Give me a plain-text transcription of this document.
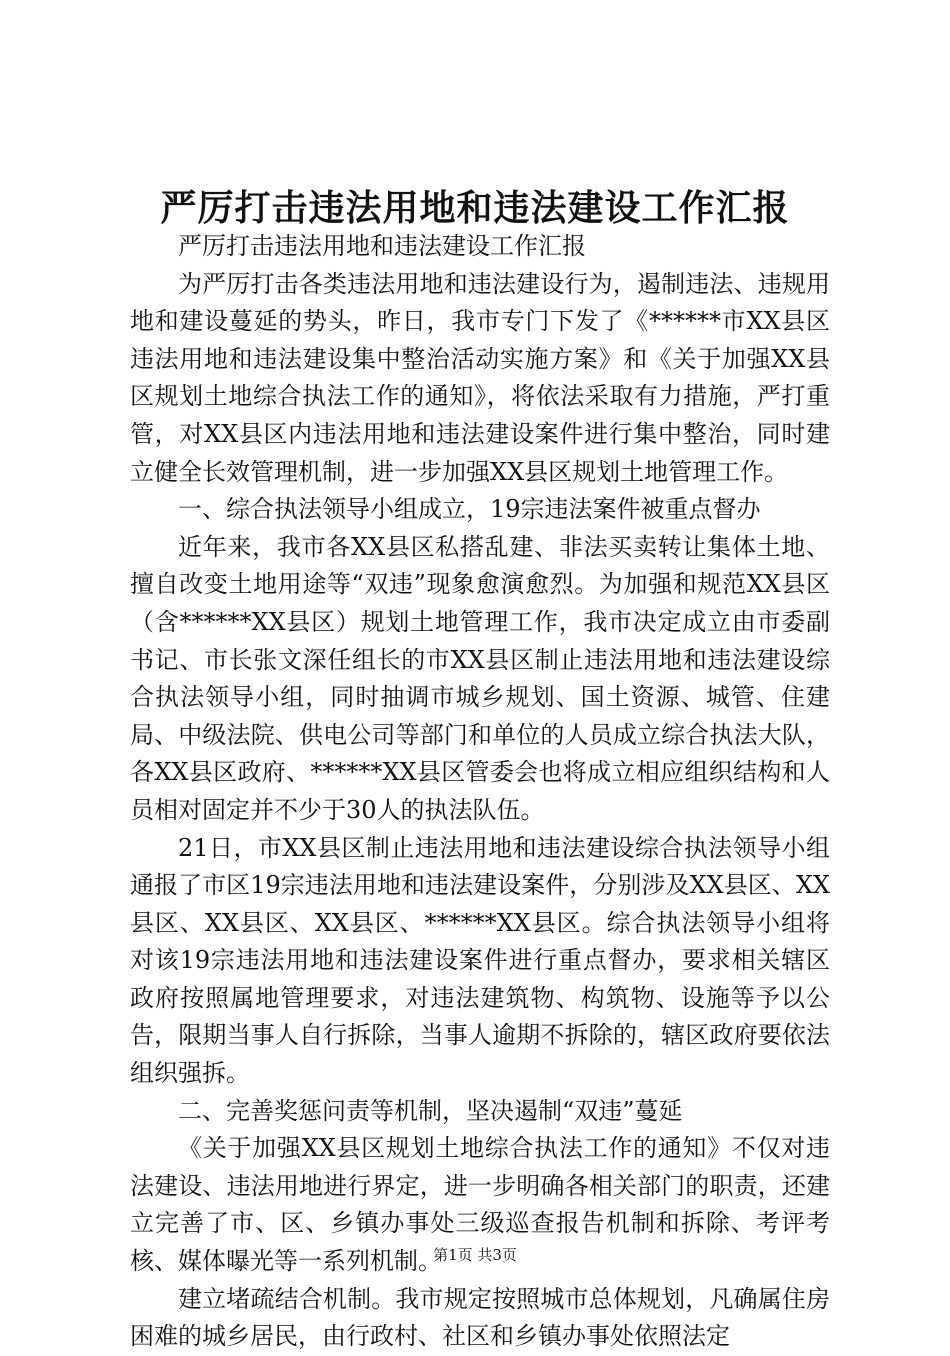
严厉打击违法用地和违法建设工作汇报

严厉打击违法用地和违法建设工作汇报

为严厉打击各类违法用地和违法建设行为，遏制违法、违规用地和建设蔓延的势头，昨日，我市专门下发了《******市XX县区违法用地和违法建设集中整治活动实施方案》和《关于加强XX县区规划土地综合执法工作的通知》，将依法采取有力措施，严打重管，对XX县区内违法用地和违法建设案件进行集中整治，同时建立健全长效管理机制，进一步加强XX县区规划土地管理工作。

一、综合执法领导小组成立，19宗违法案件被重点督办

近年来，我市各XX县区私搭乱建、非法买卖转让集体土地、擅自改变土地用途等“双违”现象愈演愈烈。为加强和规范XX县区（含******XX县区）规划土地管理工作，我市决定成立由市委副书记、市长张文深任组长的市XX县区制止违法用地和违法建设综合执法领导小组，同时抽调市城乡规划、国土资源、城管、住建局、中级法院、供电公司等部门和单位的人员成立综合执法大队，各XX县区政府、******XX县区管委会也将成立相应组织结构和人员相对固定并不少于30人的执法队伍。

21日，市XX县区制止违法用地和违法建设综合执法领导小组通报了市区19宗违法用地和违法建设案件，分别涉及XX县区、XX县区、XX县区、XX县区、******XX县区。综合执法领导小组将对该19宗违法用地和违法建设案件进行重点督办，要求相关辖区政府按照属地管理要求，对违法建筑物、构筑物、设施等予以公告，限期当事人自行拆除，当事人逾期不拆除的，辖区政府要依法组织强拆。

二、完善奖惩问责等机制，坚决遏制“双违”蔓延

《关于加强XX县区规划土地综合执法工作的通知》不仅对违法建设、违法用地进行界定，进一步明确各相关部门的职责，还建立完善了市、区、乡镇办事处三级巡查报告机制和拆除、考评考核、媒体曝光等一系列机制。

建立堵疏结合机制。我市规定按照城市总体规划，凡确属住房困难的城乡居民，由行政村、社区和乡镇办事处依照法定

第1页 共3页
